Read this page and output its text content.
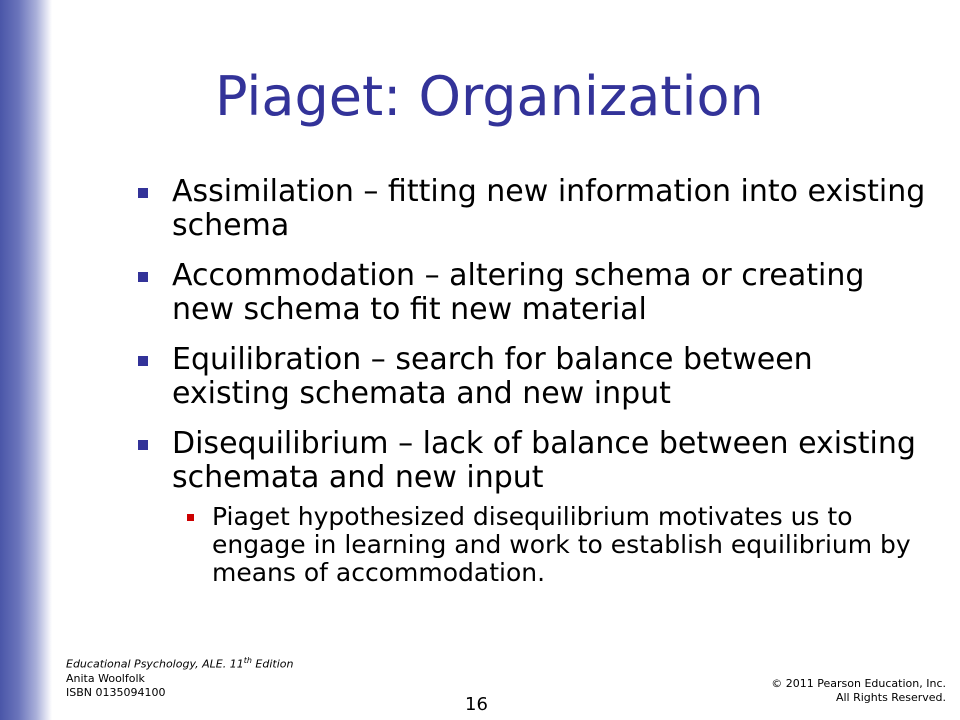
Piaget: Organization
Assimilation – fitting new information into existing schema
Accommodation – altering schema or creating new schema to fit new material
Equilibration – search for balance between existing schemata and new input
Disequilibrium – lack of balance between existing schemata and new input
Piaget hypothesized disequilibrium motivates us to engage in learning and work to establish equilibrium by means of accommodation.
Educational Psychology, ALE. 11th Edition
Anita Woolfolk
ISBN 0135094100
16
© 2011 Pearson Education, Inc.
All Rights Reserved.
